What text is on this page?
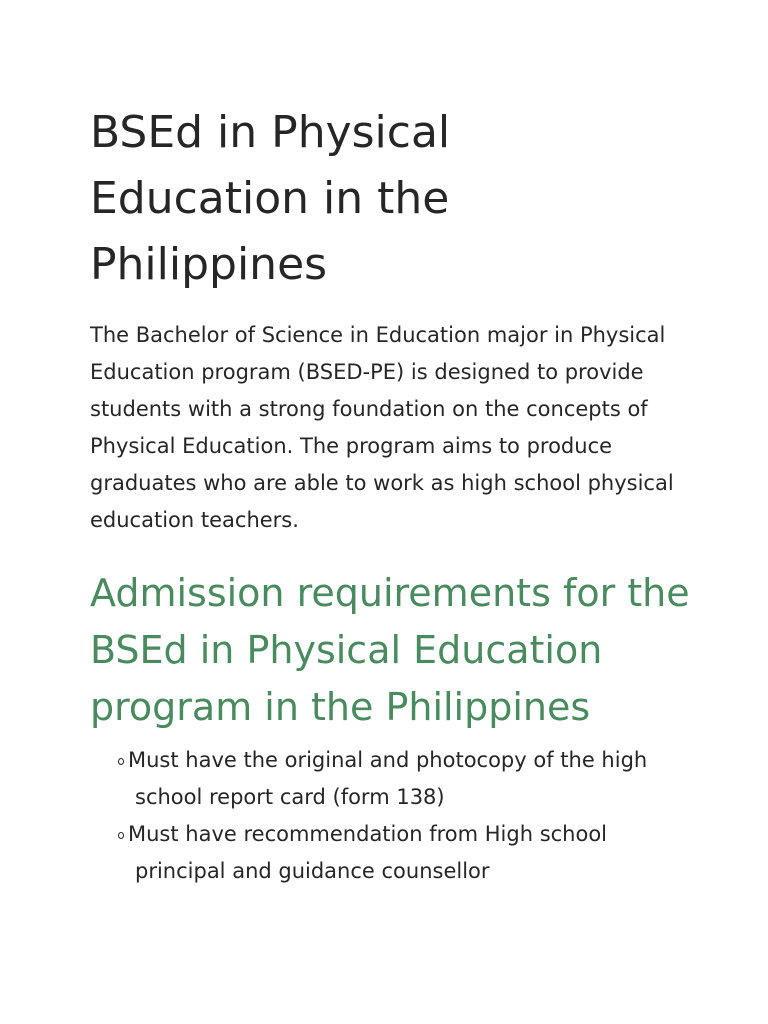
BSEd in Physical Education in the Philippines

The Bachelor of Science in Education major in Physical Education program (BSED-PE) is designed to provide students with a strong foundation on the concepts of Physical Education. The program aims to produce graduates who are able to work as high school physical education teachers.

Admission requirements for the BSEd in Physical Education program in the Philippines
Must have the original and photocopy of the high school report card (form 138)
Must have recommendation from High school principal and guidance counsellor
